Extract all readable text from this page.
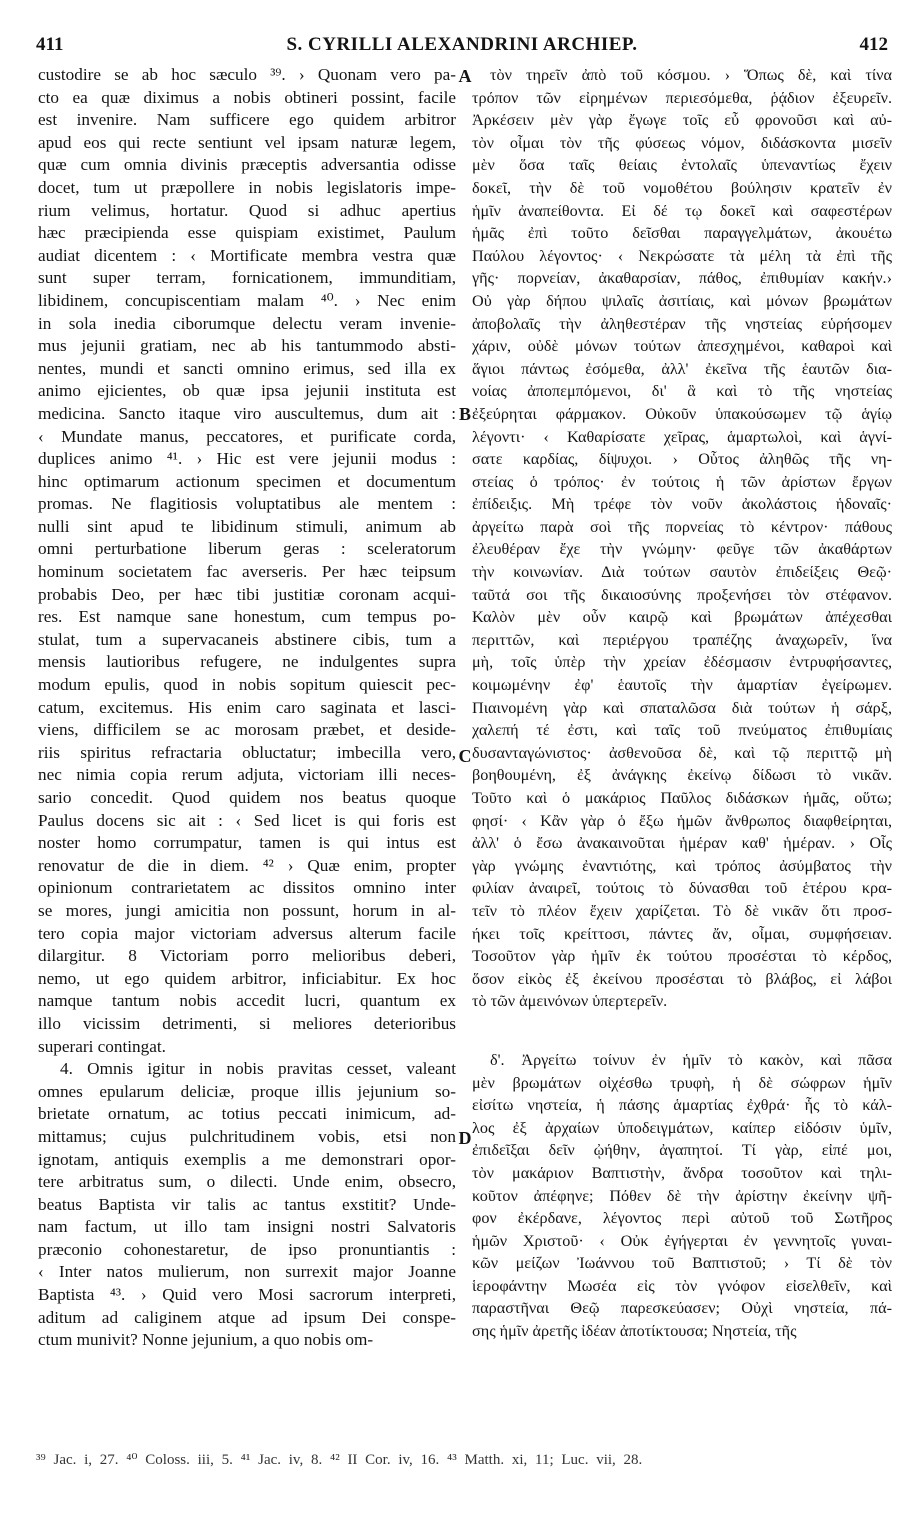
411	S. CYRILLI ALEXANDRINI ARCHIEP.	412
custodire se ab hoc sæculo ³⁹. › Quonam vero pa-
cto ea quæ diximus a nobis obtineri possint, facile
est invenire. Nam sufficere ego quidem arbitror
apud eos qui recte sentiunt vel ipsam naturæ legem,
quæ cum omnia divinis præceptis adversantia odisse
docet, tum ut præpollere in nobis legislatoris impe-
rium velimus, hortatur. Quod si adhuc apertius
hæc præcipienda esse quispiam existimet, Paulum
audiat dicentem : ‹ Mortificate membra vestra quæ
sunt super terram, fornicationem, immunditiam,
libidinem, concupiscentiam malam ⁴⁰. › Nec enim
in sola inedia ciborumque delectu veram invenie-
mus jejunii gratiam, nec ab his tantummodo absti-
nentes, mundi et sancti omnino erimus, sed illa ex
animo ejicientes, ob quæ ipsa jejunii instituta est
medicina. Sancto itaque viro auscultemus, dum ait :
‹ Mundate manus, peccatores, et purificate corda,
duplices animo ⁴¹. › Hic est vere jejunii modus :
hinc optimarum actionum specimen et documentum
promas. Ne flagitiosis voluptatibus ale mentem :
nulli sint apud te libidinum stimuli, animum ab
omni perturbatione liberum geras : sceleratorum
hominum societatem fac averseris. Per hæc teipsum
probabis Deo, per hæc tibi justitiæ coronam acqui-
res. Est namque sane honestum, cum tempus po-
stulat, tum a supervacaneis abstinere cibis, tum a
mensis lautioribus refugere, ne indulgentes supra
modum epulis, quod in nobis sopitum quiescit pec-
catum, excitemus. His enim caro saginata et lasci-
viens, difficilem se ac morosam præbet, et deside-
riis spiritus refractaria obluctatur; imbecilla vero,
nec nimia copia rerum adjuta, victoriam illi neces-
sario concedit. Quod quidem nos beatus quoque
Paulus docens sic ait : ‹ Sed licet is qui foris est
noster homo corrumpatur, tamen is qui intus est
renovatur de die in diem. ⁴² › Quæ enim, propter
opinionum contrarietatem ac dissitos omnino inter
se mores, jungi amicitia non possunt, horum in al-
tero copia major victoriam adversus alterum facile
dilargitur. 8 Victoriam porro melioribus deberi,
nemo, ut ego quidem arbitror, inficiabitur. Ex hoc
namque tantum nobis accedit lucri, quantum ex
illo vicissim detrimenti, si meliores deterioribus
superari contingat.
4. Omnis igitur in nobis pravitas cesset, valeant
omnes epularum deliciæ, proque illis jejunium so-
brietate ornatum, ac totius peccati inimicum, ad-
mittamus; cujus pulchritudinem vobis, etsi non
ignotam, antiquis exemplis a me demonstrari opor-
tere arbitratus sum, o dilecti. Unde enim, obsecro,
beatus Baptista vir talis ac tantus exstitit? Unde-
nam factum, ut illo tam insigni nostri Salvatoris
præconio cohonestaretur, de ipso pronuntiantis :
‹ Inter natos mulierum, non surrexit major Joanne
Baptista ⁴³. › Quid vero Mosi sacrorum interpreti,
aditum ad caliginem atque ad ipsum Dei conspe-
ctum munivit? Nonne jejunium, a quo nobis om-
τὸν τηρεῖν ἀπὸ τοῦ κόσμου. › Ὅπως δὲ, καὶ τίνα
τρόπον τῶν εἰρημένων περιεσόμεθα, ῥᾴδιον ἐξευρεῖν.
Ἀρκέσειν μὲν γὰρ ἔγωγε τοῖς εὖ φρονοῦσι καὶ αὐ-
τὸν οἶμαι τὸν τῆς φύσεως νόμον, διδάσκοντα μισεῖν
μὲν ὅσα ταῖς θείαις ἐντολαῖς ὑπεναντίως ἔχειν
δοκεῖ, τὴν δὲ τοῦ νομοθέτου βούλησιν κρατεῖν ἐν
ἡμῖν ἀναπείθοντα. Εἰ δέ τῳ δοκεῖ καὶ σαφεστέρων
ἡμᾶς ἐπὶ τοῦτο δεῖσθαι παραγγελμάτων, ἀκουέτω
Παύλου λέγοντος· ‹ Νεκρώσατε τὰ μέλη τὰ ἐπὶ τῆς
γῆς· πορνείαν, ἀκαθαρσίαν, πάθος, ἐπιθυμίαν κακήν.›
Οὐ γὰρ δήπου ψιλαῖς ἀσιτίαις, καὶ μόνων βρωμάτων
ἀποβολαῖς τὴν ἀληθεστέραν τῆς νηστείας εὑρήσομεν
χάριν, οὐδὲ μόνων τούτων ἀπεσχημένοι, καθαροὶ καὶ
ἅγιοι πάντως ἐσόμεθα, ἀλλ' ἐκεῖνα τῆς ἑαυτῶν δια-
νοίας ἀποπεμπόμενοι, δι' ἃ καὶ τὸ τῆς νηστείας
ἐξεύρηται φάρμακον. Οὐκοῦν ὑπακούσωμεν τῷ ἁγίῳ
λέγοντι· ‹ Καθαρίσατε χεῖρας, ἁμαρτωλοὶ, καὶ ἁγνί-
σατε καρδίας, δίψυχοι. › Οὗτος ἀληθῶς τῆς νη-
στείας ὁ τρόπος· ἐν τούτοις ἡ τῶν ἀρίστων ἔργων
ἐπίδειξις. Μὴ τρέφε τὸν νοῦν ἀκολάστοις ἡδοναῖς·
ἀργείτω παρὰ σοὶ τῆς πορνείας τὸ κέντρον· πάθους
ἐλευθέραν ἔχε τὴν γνώμην· φεῦγε τῶν ἀκαθάρτων
τὴν κοινωνίαν. Διὰ τούτων σαυτὸν ἐπιδείξεις Θεῷ·
ταῦτά σοι τῆς δικαιοσύνης προξενήσει τὸν στέφανον.
Καλὸν μὲν οὖν καιρῷ καὶ βρωμάτων ἀπέχεσθαι
περιττῶν, καὶ περιέργου τραπέζης ἀναχωρεῖν, ἵνα
μὴ, τοῖς ὑπὲρ τὴν χρείαν ἐδέσμασιν ἐντρυφήσαντες,
κοιμωμένην ἐφ' ἑαυτοῖς τὴν ἁμαρτίαν ἐγείρωμεν.
Πιαινομένη γὰρ καὶ σπαταλῶσα διὰ τούτων ἡ σάρξ,
χαλεπή τέ ἐστι, καὶ ταῖς τοῦ πνεύματος ἐπιθυμίαις
δυσανταγώνιστος· ἀσθενοῦσα δὲ, καὶ τῷ περιττῷ μὴ
βοηθουμένη, ἐξ ἀνάγκης ἐκείνῳ δίδωσι τὸ νικᾶν.
Τοῦτο καὶ ὁ μακάριος Παῦλος διδάσκων ἡμᾶς, οὕτω;
φησί· ‹ Κἂν γὰρ ὁ ἔξω ἡμῶν ἄνθρωπος διαφθείρηται,
ἀλλ' ὁ ἔσω ἀνακαινοῦται ἡμέραν καθ' ἡμέραν. › Οἷς
γὰρ γνώμης ἐναντιότης, καὶ τρόπος ἀσύμβατος τὴν
φιλίαν ἀναιρεῖ, τούτοις τὸ δύνασθαι τοῦ ἑτέρου κρα-
τεῖν τὸ πλέον ἔχειν χαρίζεται. Τὸ δὲ νικᾶν ὅτι προσ-
ήκει τοῖς κρείττοσι, πάντες ἄν, οἶμαι, συμφήσειαν.
Τοσοῦτον γὰρ ἡμῖν ἐκ τούτου προσέσται τὸ κέρδος,
ὅσον εἰκὸς ἐξ ἐκείνου προσέσται τὸ βλάβος, εἰ λάβοι
τὸ τῶν ἀμεινόνων ὑπερτερεῖν.
δ'. Ἀργείτω τοίνυν ἐν ἡμῖν τὸ κακὸν, καὶ πᾶσα
μὲν βρωμάτων οἰχέσθω τρυφὴ, ἡ δὲ σώφρων ἡμῖν
εἰσίτω νηστεία, ἡ πάσης ἁμαρτίας ἐχθρά· ἧς τὸ κάλ-
λος ἐξ ἀρχαίων ὑποδειγμάτων, καίπερ εἰδόσιν ὑμῖν,
ἐπιδεῖξαι δεῖν ᾠήθην, ἀγαπητοί. Τί γὰρ, εἰπέ μοι,
τὸν μακάριον Βαπτιστὴν, ἄνδρα τοσοῦτον καὶ τηλι-
κοῦτον ἀπέφηνε; Πόθεν δὲ τὴν ἀρίστην ἐκείνην ψῆ-
φον ἐκέρδανε, λέγοντος περὶ αὐτοῦ τοῦ Σωτῆρος
ἡμῶν Χριστοῦ· ‹ Οὐκ ἐγήγερται ἐν γεννητοῖς γυναι-
κῶν μείζων Ἰωάννου τοῦ Βαπτιστοῦ; › Τί δὲ τὸν
ἱεροφάντην Μωσέα εἰς τὸν γνόφον εἰσελθεῖν, καὶ
παραστῆναι Θεῷ παρεσκεύασεν; Οὐχὶ νηστεία, πά-
σης ἡμῖν ἀρετῆς ἰδέαν ἀποτίκτουσα; Νηστεία, τῆς
A
B
C
D
³⁹ Jac. i, 27. ⁴⁰ Coloss. iii, 5. ⁴¹ Jac. iv, 8. ⁴² II Cor. iv, 16. ⁴³ Matth. xi, 11; Luc. vii, 28.
